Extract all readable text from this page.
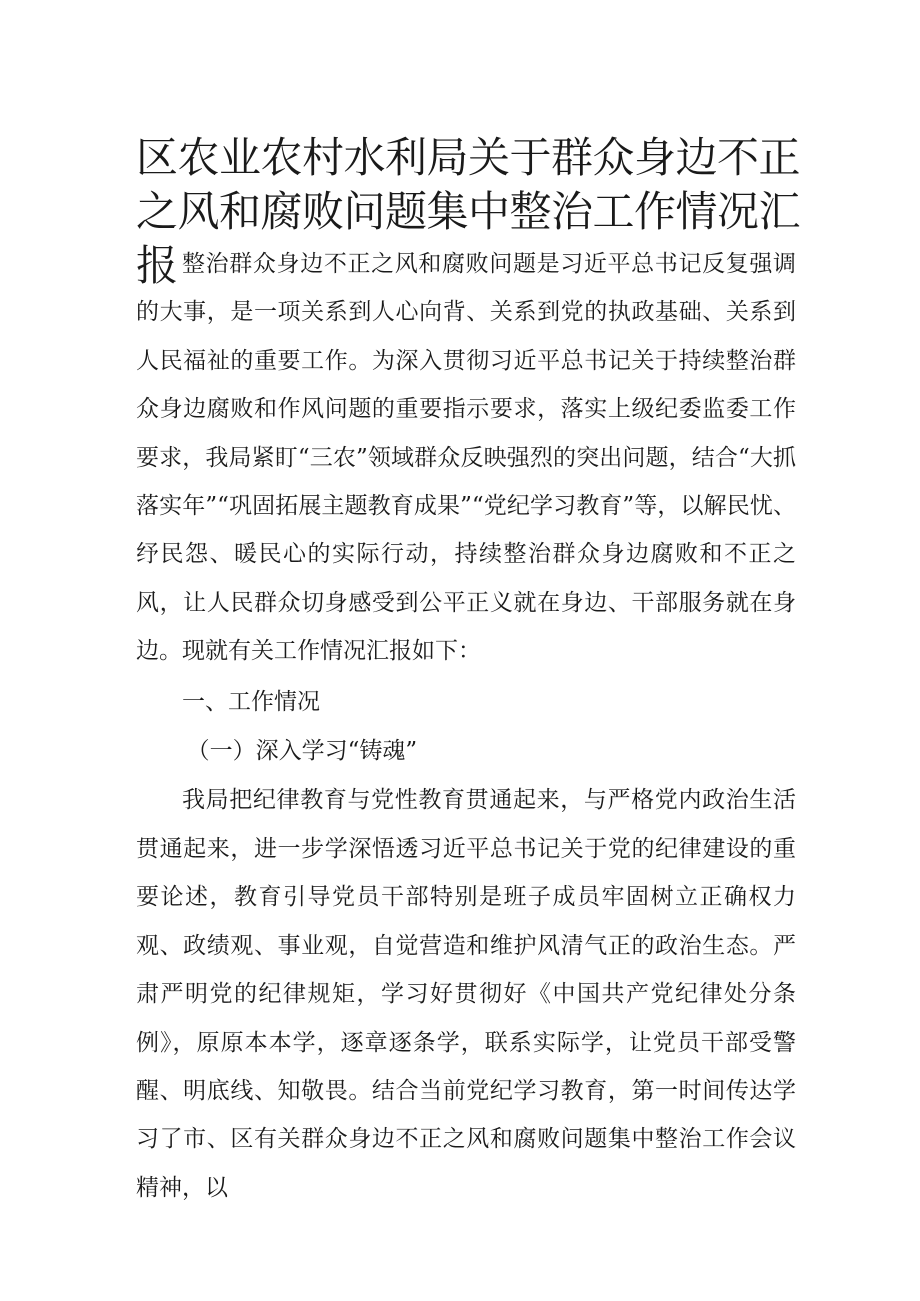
区农业农村水利局关于群众身边不正之风和腐败问题集中整治工作情况汇报 整治群众身边不正之风和腐败问题是习近平总书记反复强调的大事，是一项关系到人心向背、关系到党的执政基础、关系到人民福祉的重要工作。为深入贯彻习近平总书记关于持续整治群众身边腐败和作风问题的重要指示要求，落实上级纪委监委工作要求，我局紧盯“三农”领域群众反映强烈的突出问题，结合“大抓落实年”“巩固拓展主题教育成果”“党纪学习教育”等，以解民忧、纾民怨、暖民心的实际行动，持续整治群众身边腐败和不正之风，让人民群众切身感受到公平正义就在身边、干部服务就在身边。现就有关工作情况汇报如下：

一、工作情况

（一）深入学习“铸魂”

我局把纪律教育与党性教育贯通起来，与严格党内政治生活贯通起来，进一步学深悟透习近平总书记关于党的纪律建设的重要论述，教育引导党员干部特别是班子成员牢固树立正确权力观、政绩观、事业观，自觉营造和维护风清气正的政治生态。严肃严明党的纪律规矩，学习好贯彻好《中国共产党纪律处分条例》，原原本本学，逐章逐条学，联系实际学，让党员干部受警醒、明底线、知敬畏。结合当前党纪学习教育，第一时间传达学习了市、区有关群众身边不正之风和腐败问题集中整治工作会议精神，以
